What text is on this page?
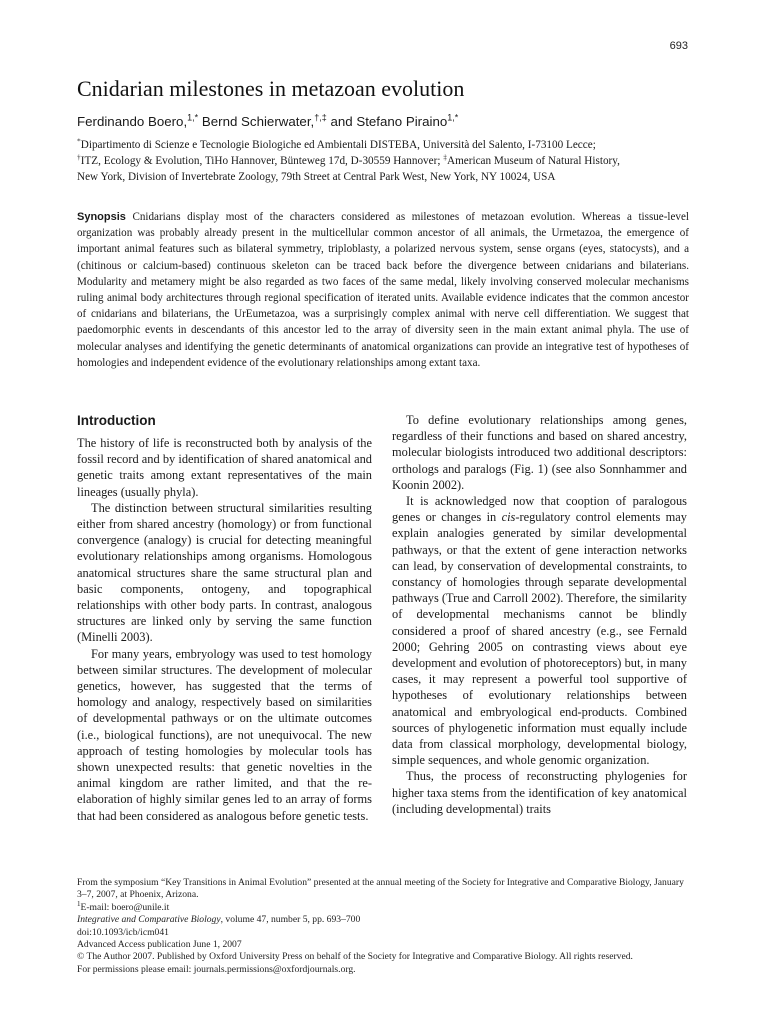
693
Cnidarian milestones in metazoan evolution
Ferdinando Boero,$^{1,*}$ Bernd Schierwater,†,‡ and Stefano Piraino$^{1,*}$
*Dipartimento di Scienze e Tecnologie Biologiche ed Ambientali DISTEBA, Università del Salento, I-73100 Lecce;
†ITZ, Ecology & Evolution, TiHo Hannover, Bünteweg 17d, D-30559 Hannover; ‡American Museum of Natural History,
New York, Division of Invertebrate Zoology, 79th Street at Central Park West, New York, NY 10024, USA
Synopsis Cnidarians display most of the characters considered as milestones of metazoan evolution. Whereas a tissue-level organization was probably already present in the multicellular common ancestor of all animals, the Urmetazoa, the emergence of important animal features such as bilateral symmetry, triploblasty, a polarized nervous system, sense organs (eyes, statocysts), and a (chitinous or calcium-based) continuous skeleton can be traced back before the divergence between cnidarians and bilaterians. Modularity and metamery might be also regarded as two faces of the same medal, likely involving conserved molecular mechanisms ruling animal body architectures through regional specification of iterated units. Available evidence indicates that the common ancestor of cnidarians and bilaterians, the UrEumetazoa, was a surprisingly complex animal with nerve cell differentiation. We suggest that paedomorphic events in descendants of this ancestor led to the array of diversity seen in the main extant animal phyla. The use of molecular analyses and identifying the genetic determinants of anatomical organizations can provide an integrative test of hypotheses of homologies and independent evidence of the evolutionary relationships among extant taxa.
Introduction

The history of life is reconstructed both by analysis of the fossil record and by identification of shared anatomical and genetic traits among extant representatives of the main lineages (usually phyla).

The distinction between structural similarities resulting either from shared ancestry (homology) or from functional convergence (analogy) is crucial for detecting meaningful evolutionary relationships among organisms. Homologous anatomical structures share the same structural plan and basic components, ontogeny, and topographical relationships with other body parts. In contrast, analogous structures are linked only by serving the same function (Minelli 2003).

For many years, embryology was used to test homology between similar structures. The development of molecular genetics, however, has suggested that the terms of homology and analogy, respectively based on similarities of developmental pathways or on the ultimate outcomes (i.e., biological functions), are not unequivocal. The new approach of testing homologies by molecular tools has shown unexpected results: that genetic novelties in the animal kingdom are rather limited, and that the re-elaboration of highly similar genes led to an array of forms that had been considered as analogous before genetic tests.

To define evolutionary relationships among genes, regardless of their functions and based on shared ancestry, molecular biologists introduced two additional descriptors: orthologs and paralogs (Fig. 1) (see also Sonnhammer and Koonin 2002).

It is acknowledged now that cooption of paralogous genes or changes in cis-regulatory control elements may explain analogies generated by similar developmental pathways, or that the extent of gene interaction networks can lead, by conservation of developmental constraints, to constancy of homologies through separate developmental pathways (True and Carroll 2002). Therefore, the similarity of developmental mechanisms cannot be blindly considered a proof of shared ancestry (e.g., see Fernald 2000; Gehring 2005 on contrasting views about eye development and evolution of photoreceptors) but, in many cases, it may represent a powerful tool supportive of hypotheses of evolutionary relationships between anatomical and embryological end-products. Combined sources of phylogenetic information must equally include data from classical morphology, developmental biology, simple sequences, and whole genomic organization.

Thus, the process of reconstructing phylogenies for higher taxa stems from the identification of key anatomical (including developmental) traits

From the symposium “Key Transitions in Animal Evolution” presented at the annual meeting of the Society for Integrative and Comparative Biology, January 3–7, 2007, at Phoenix, Arizona.
$^1$E-mail: boero@unile.it
Integrative and Comparative Biology, volume 47, number 5, pp. 693–700
doi:10.1093/icb/icm041
Advanced Access publication June 1, 2007
© The Author 2007. Published by Oxford University Press on behalf of the Society for Integrative and Comparative Biology. All rights reserved.
For permissions please email: journals.permissions@oxfordjournals.org.
